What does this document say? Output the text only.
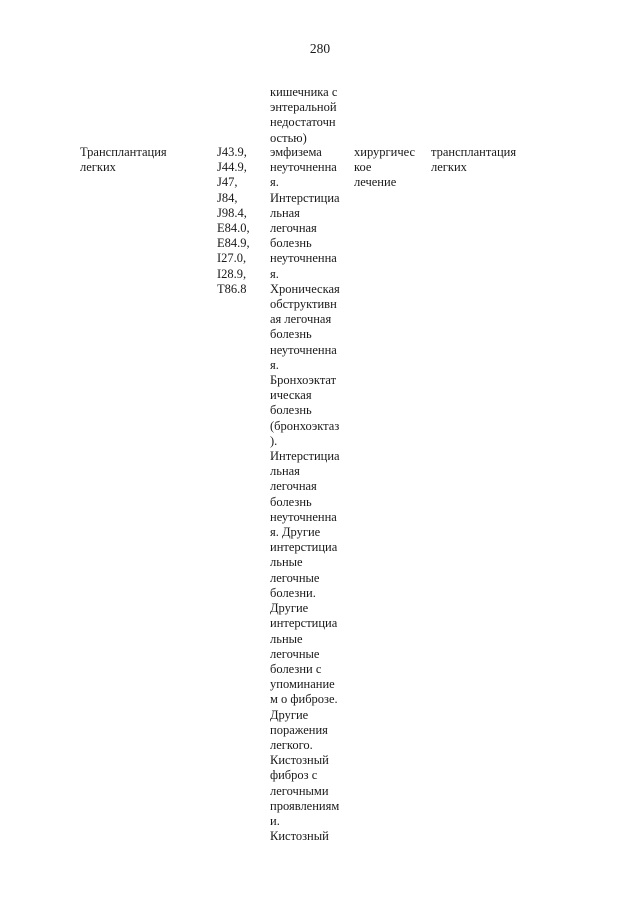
280
кишечника с
энтеральной
недостаточн
остью)
Трансплантация
легких
J43.9,
J44.9,
J47,
J84,
J98.4,
E84.0,
E84.9,
I27.0,
I28.9,
T86.8
эмфизема
неуточненна
я.
Интерстициа
льная
легочная
болезнь
неуточненна
я.
Хроническая
обструктивн
ая легочная
болезнь
неуточненна
я.
Бронхоэктат
ическая
болезнь
(бронхоэктаз
).
Интерстициа
льная
легочная
болезнь
неуточненна
я. Другие
интерстициа
льные
легочные
болезни.
Другие
интерстициа
льные
легочные
болезни с
упоминание
м о фиброзе.
Другие
поражения
легкого.
Кистозный
фиброз с
легочными
проявлениям
и.
Кистозный
хирургичес
кое
лечение
трансплантация
легких
